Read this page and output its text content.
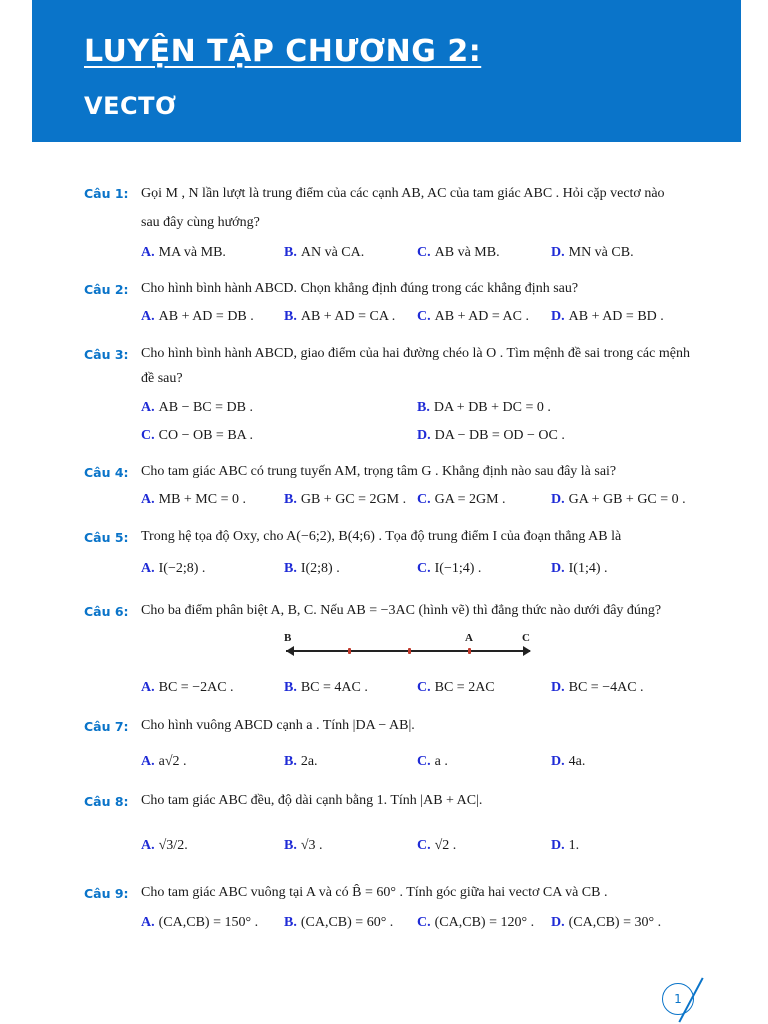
LUYỆN TẬP CHƯƠNG 2:
VECTƠ
Câu 1: Gọi M , N lần lượt là trung điểm của các cạnh AB, AC của tam giác ABC . Hỏi cặp vectơ nào
sau đây cùng hướng?
A. MA và MB.	B. AN và CA.	C. AB và MB.	D. MN và CB.
Câu 2: Cho hình bình hành ABCD. Chọn khẳng định đúng trong các khẳng định sau?
A. AB + AD = DB . B. AB + AD = CA . C. AB + AD = AC . D. AB + AD = BD .
Câu 3: Cho hình bình hành ABCD, giao điểm của hai đường chéo là O . Tìm mệnh đề sai trong các mệnh
đề sau?
A. AB − BC = DB .	B. DA + DB + DC = 0 .
C. CO − OB = BA .	D. DA − DB = OD − OC .
Câu 4: Cho tam giác ABC có trung tuyến AM, trọng tâm G . Khẳng định nào sau đây là sai?
A. MB + MC = 0 .	B. GB + GC = 2GM . C. GA = 2GM .	D. GA + GB + GC = 0 .
Câu 5: Trong hệ tọa độ Oxy, cho A(−6;2), B(4;6) . Tọa độ trung điểm I của đoạn thẳng AB là
A. I(−2;8) .	B. I(2;8) .	C. I(−1;4) .	D. I(1;4) .
Câu 6: Cho ba điểm phân biệt A, B, C. Nếu AB = −3AC (hình vẽ) thì đẳng thức nào dưới đây đúng?
B	A	C
A. BC = −2AC .	B. BC = 4AC .	C. BC = 2AC	D. BC = −4AC .
Câu 7: Cho hình vuông ABCD cạnh a . Tính |DA − AB|.
A. a√2 .	B. 2a.	C. a .	D. 4a.
Câu 8: Cho tam giác ABC đều, độ dài cạnh bằng 1. Tính |AB + AC|.
A. √3/2.	B. √3 .	C. √2 .	D. 1.
Câu 9: Cho tam giác ABC vuông tại A và có B̂ = 60° . Tính góc giữa hai vectơ CA và CB .
A. (CA,CB) = 150° . B. (CA,CB) = 60° . C. (CA,CB) = 120° . D. (CA,CB) = 30° .
1
